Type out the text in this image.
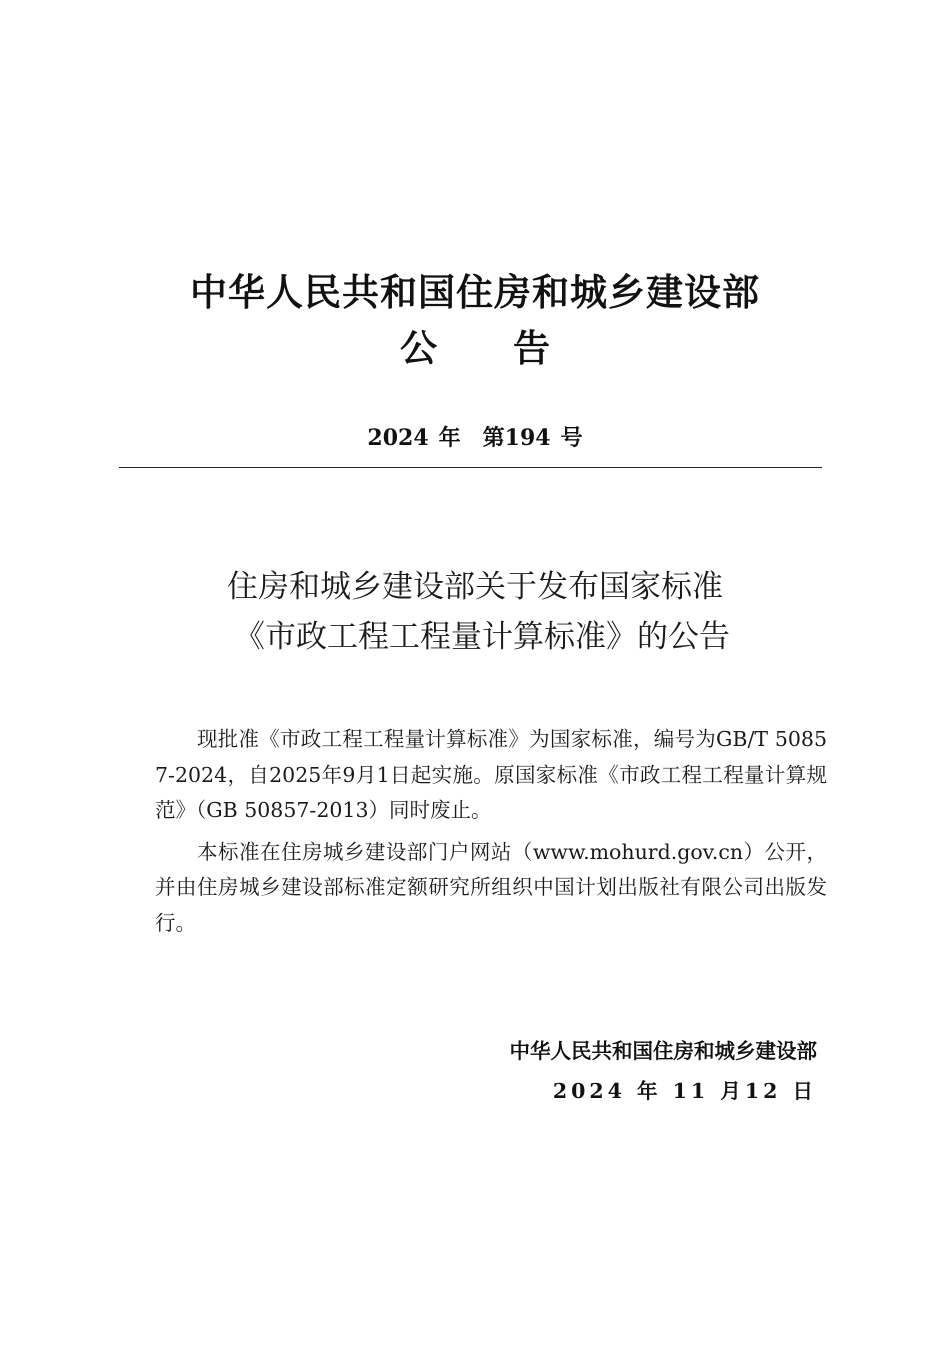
中华人民共和国住房和城乡建设部
公 告
2024 年 第194 号
住房和城乡建设部关于发布国家标准
《市政工程工程量计算标准》的公告

现批准《市政工程工程量计算标准》为国家标准，编号为GB/T 50857-2024，自2025年9月1日起实施。原国家标准《市政工程工程量计算规范》（GB 50857-2013）同时废止。

本标准在住房城乡建设部门户网站（www.mohurd.gov.cn）公开，并由住房城乡建设部标准定额研究所组织中国计划出版社有限公司出版发行。

中华人民共和国住房和城乡建设部
2024 年 11 月12 日
